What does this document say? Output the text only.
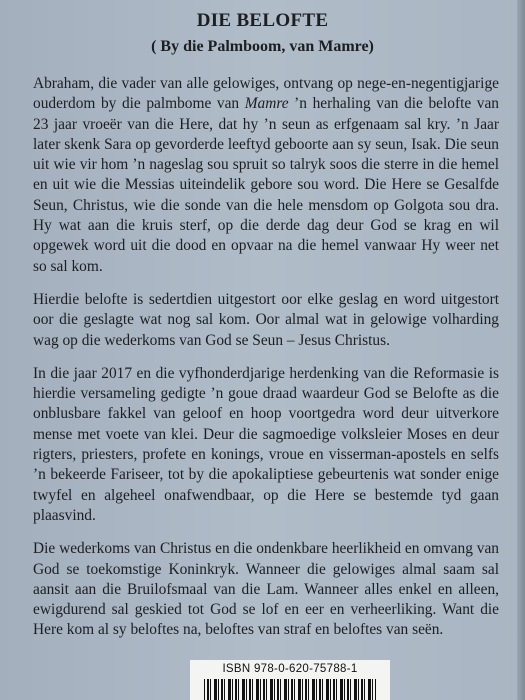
DIE BELOFTE
( By die Palmboom, van Mamre)

Abraham, die vader van alle gelowiges, ontvang op nege-en-negentigjarige ouderdom by die palmbome van Mamre ’n herhaling van die belofte van 23 jaar vroeër van die Here, dat hy ’n seun as erfgenaam sal kry. ’n Jaar later skenk Sara op gevorderde leeftyd geboorte aan sy seun, Isak. Die seun uit wie vir hom ’n nageslag sou spruit so talryk soos die sterre in die hemel en uit wie die Messias uiteindelik gebore sou word. Die Here se Gesalfde Seun, Christus, wie die sonde van die hele mensdom op Golgota sou dra. Hy wat aan die kruis sterf, op die derde dag deur God se krag en wil opgewek word uit die dood en opvaar na die hemel vanwaar Hy weer net so sal kom.

Hierdie belofte is sedertdien uitgestort oor elke geslag en word uitgestort oor die geslagte wat nog sal kom. Oor almal wat in gelowige volharding wag op die wederkoms van God se Seun – Jesus Christus.

In die jaar 2017 en die vyfhonderdjarige herdenking van die Reformasie is hierdie versameling gedigte ’n goue draad waardeur God se Belofte as die onblusbare fakkel van geloof en hoop voortgedra word deur uitverkore mense met voete van klei. Deur die sagmoedige volksleier Moses en deur rigters, priesters, profete en konings, vroue en visserman-apostels en selfs ’n bekeerde Fariseer, tot by die apokaliptiese gebeurtenis wat sonder enige twyfel en algeheel onafwendbaar, op die Here se bestemde tyd gaan plaasvind.

Die wederkoms van Christus en die ondenkbare heerlikheid en omvang van God se toekomstige Koninkryk. Wanneer die gelowiges almal saam sal aansit aan die Bruilofsmaal van die Lam. Wanneer alles enkel en alleen, ewigdurend sal geskied tot God se lof en eer en verheerliking. Want die Here kom al sy beloftes na, beloftes van straf en beloftes van seën.

ISBN 978-0-620-75788-1
